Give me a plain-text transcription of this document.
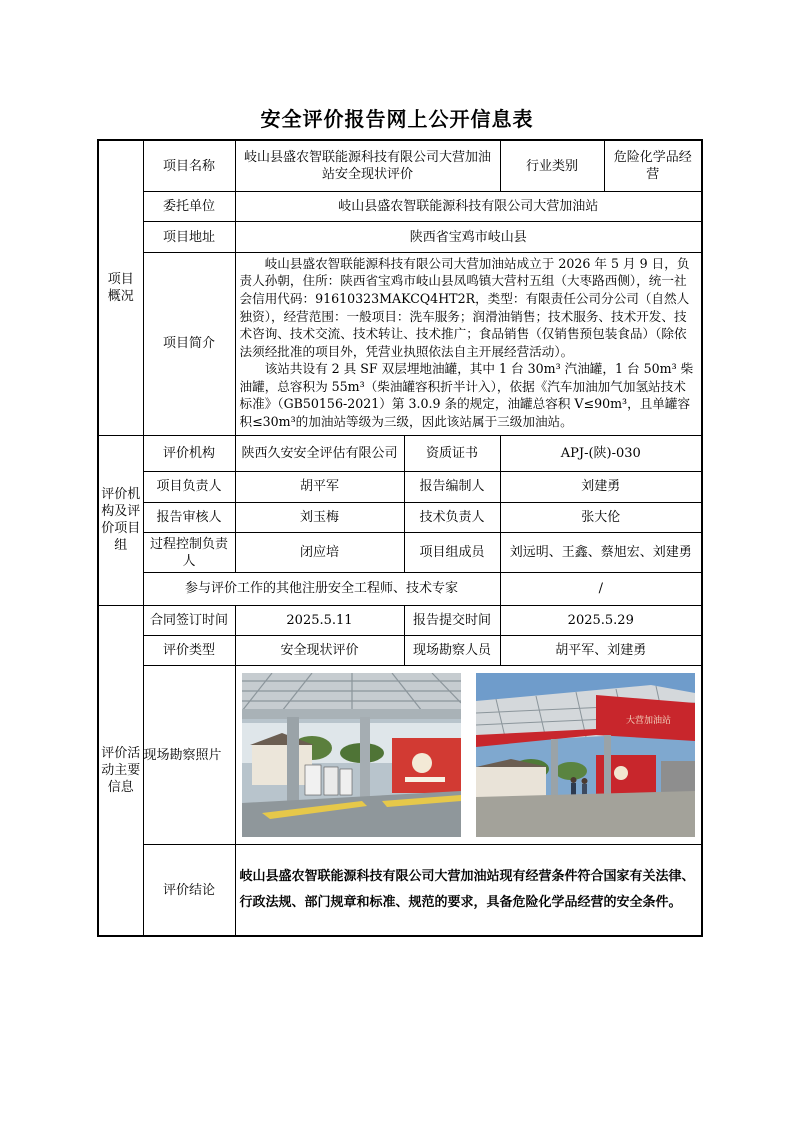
安全评价报告网上公开信息表
项目
概况	项目名称	岐山县盛农智联能源科技有限公司大营加油站安全现状评价		行业类别	危险化学品经营
	委托单位	岐山县盛农智联能源科技有限公司大营加油站			
	项目地址	陕西省宝鸡市岐山县			
	项目简介	岐山县盛农智联能源科技有限公司大营加油站成立于 2026 年 5 月 9 日，负责人孙朝，住所：陕西省宝鸡市岐山县凤鸣镇大营村五组（大枣路西侧），统一社会信用代码：91610323MAKCQ4HT2R，类型：有限责任公司分公司（自然人独资），经营范围：一般项目：洗车服务；润滑油销售；技术服务、技术开发、技术咨询、技术交流、技术转让、技术推广；食品销售（仅销售预包装食品）（除依法须经批准的项目外，凭营业执照依法自主开展经营活动）。

该站共设有 2 具 SF 双层埋地油罐，其中 1 台 30m³ 汽油罐，1 台 50m³ 柴油罐，总容积为 55m³（柴油罐容积折半计入），依据《汽车加油加气加氢站技术标准》（GB50156-2021）第 3.0.9 条的规定，油罐总容积 V≤90m³，且单罐容积≤30m³的加油站等级为三级，因此该站属于三级加油站。			

评价机构及评价项目组	评价机构	陕西久安安全评估有限公司	资质证书	APJ-(陕)-030	
	项目负责人	胡平军	报告编制人	刘建勇	
	报告审核人	刘玉梅	技术负责人	张大伦	
	过程控制负责人	闭应培	项目组成员	刘远明、王鑫、蔡旭宏、刘建勇	
	参与评价工作的其他注册安全工程师、技术专家			/	
评价活动主要信息	合同签订时间	2025.5.11	报告提交时间	2025.5.29	
	评价类型	安全现状评价	现场勘察人员	胡平军、刘建勇	
	现场勘察照片	大营加油站			

	评价结论	岐山县盛农智联能源科技有限公司大营加油站现有经营条件符合国家有关法律、行政法规、部门规章和标准、规范的要求，具备危险化学品经营的安全条件。			
